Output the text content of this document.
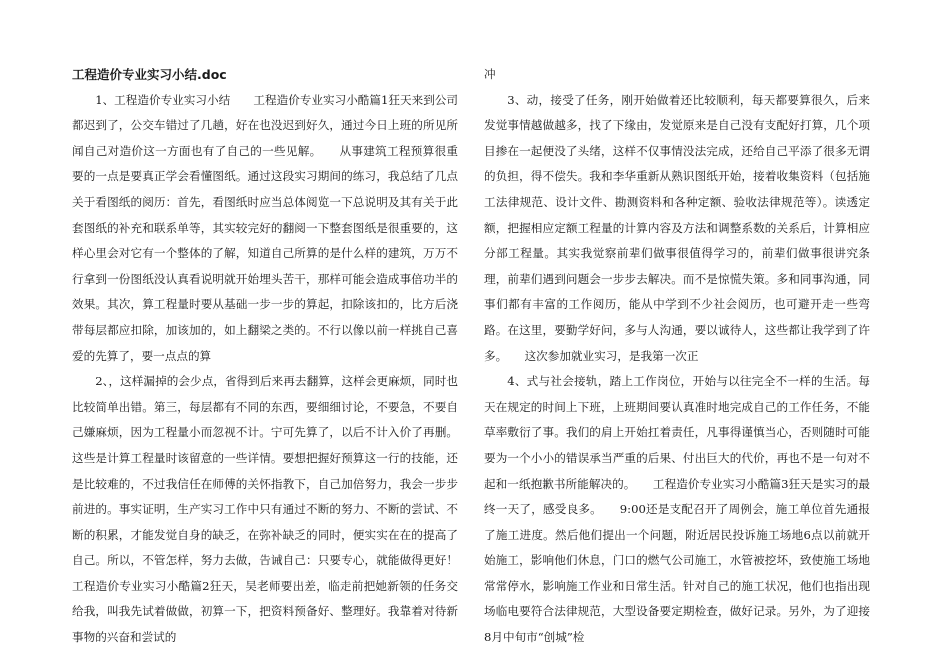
工程造价专业实习小结.doc

1、工程造价专业实习小结　　工程造价专业实习小酷篇1狂天来到公司都迟到了，公交车错过了几趟，好在也没迟到好久，通过今日上班的所见所闻自己对造价这一方面也有了自己的一些见解。　　从事建筑工程预算很重要的一点是要真正学会看懂图纸。通过这段实习期间的练习，我总结了几点关于看图纸的阅历：首先，看图纸时应当总体阅览一下总说明及其有关于此套图纸的补充和联系单等，其实较完好的翻阅一下整套图纸是很重要的，这样心里会对它有一个整体的了解，知道自己所算的是什么样的建筑，万万不行拿到一份图纸没认真看说明就开始埋头苦干，那样可能会造成事倍功半的效果。其次，算工程量时要从基础一步一步的算起，扣除该扣的，比方后浇带每层都应扣除，加该加的，如上翻梁之类的。不行以像以前一样挑自己喜爱的先算了，要一点点的算

2、，这样漏掉的会少点，省得到后来再去翻算，这样会更麻烦，同时也比较简单出错。第三，每层都有不同的东西，要细细讨论，不要急，不要自己嫌麻烦，因为工程量小而忽视不计。宁可先算了，以后不计入价了再删。这些是计算工程量时该留意的一些详情。要想把握好预算这一行的技能，还是比较难的，不过我信任在师傅的关怀指教下，自己加倍努力，我会一步步前进的。事实证明，生产实习工作中只有通过不断的努力、不断的尝试、不断的积累，才能发觉自身的缺乏，在弥补缺乏的同时，便实实在在的提高了自己。所以，不管怎样，努力去做，告诫自己：只要专心，就能做得更好！　　工程造价专业实习小酷篇2狂天，吴老师要出差，临走前把她新领的任务交给我，叫我先试着做做，初算一下，把资料预备好、整理好。我靠着对待新事物的兴奋和尝试的

冲

3、动，接受了任务，刚开始做着还比较顺利，每天都要算很久，后来发觉事情越做越多，找了下缘由，发觉原来是自己没有支配好打算，几个项目掺在一起便没了头绪，这样不仅事情没法完成，还给自己平添了很多无谓的负担，得不偿失。我和李华重新从熟识图纸开始，接着收集资料（包括施工法律规范、设计文件、勘测资料和各种定额、验收法律规范等）。读透定额，把握相应定额工程量的计算内容及方法和调整系数的关系后，计算相应分部工程量。其实我觉察前辈们做事很值得学习的，前辈们做事很讲究条理，前辈们遇到问题会一步步去解决。而不是惊慌失策。多和同事沟通，同事们都有丰富的工作阅历，能从中学到不少社会阅历，也可避开走一些弯路。在这里，要勤学好问，多与人沟通，要以诚待人，这些都让我学到了许多。　　这次参加就业实习，是我第一次正

4、式与社会接轨，踏上工作岗位，开始与以往完全不一样的生活。每天在规定的时间上下班，上班期间要认真准时地完成自己的工作任务，不能草率敷衍了事。我们的肩上开始扛着责任，凡事得谨慎当心，否则随时可能要为一个小小的错误承当严重的后果、付出巨大的代价，再也不是一句对不起和一纸抱歉书所能解决的。　　工程造价专业实习小酷篇3狂天是实习的最终一天了，感受良多。　　9:00还是支配召开了周例会，施工单位首先通报了施工进度。然后他们提出一个问题，附近居民投诉施工场地6点以前就开始施工，影响他们休息，门口的燃气公司施工，水管被挖坏，致使施工场地常常停水，影响施工作业和日常生活。针对自己的施工状况，他们也指出现场临电要符合法律规范，大型设备要定期检查，做好记录。另外，为了迎接8月中旬市“创城”检
